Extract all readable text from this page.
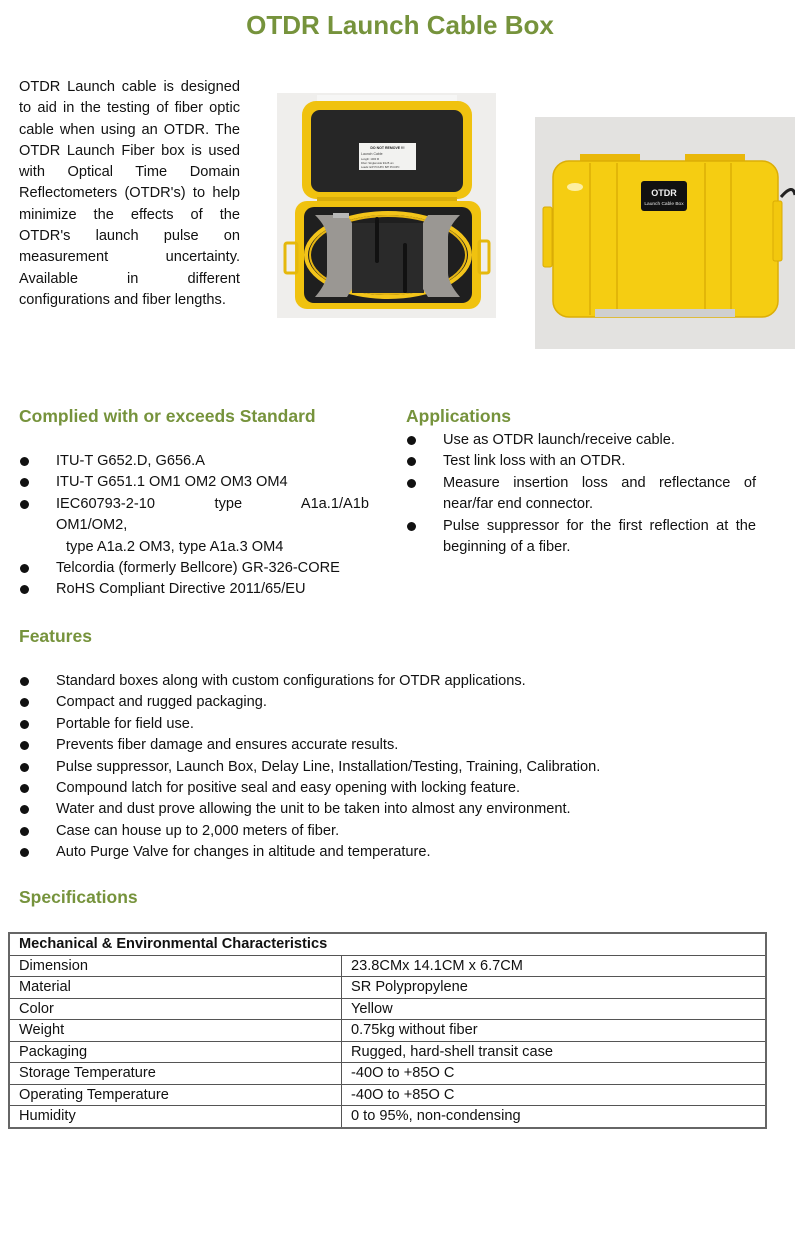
OTDR Launch Cable Box
OTDR Launch cable is designed to aid in the testing of fiber optic cable when using an OTDR. The OTDR Launch Fiber box is used with Optical Time Domain Reflectometers (OTDR's) to help minimize the effects of the OTDR's launch pulse on measurement uncertainty. Available in different configurations and fiber lengths.
DO NOT REMOVE !!!
Launch Cable
Length: 1000 M
Fiber: Singlemode 9/125 um
Leads: E/P PC/UPC B/P PC/UPC
OTDR
Launch Cable Box
Complied with or exceeds Standard
ITU-T G652.D, G656.A
ITU-T G651.1 OM1 OM2 OM3 OM4
IEC60793-2-10 type A1a.1/A1b
OM1/OM2,
type A1a.2 OM3, type A1a.3 OM4
Telcordia (formerly Bellcore) GR-326-CORE
RoHS Compliant Directive 2011/65/EU
Applications
Use as OTDR launch/receive cable.
Test link loss with an OTDR.
Measure insertion loss and reflectance of near/far end connector.
Pulse suppressor for the first reflection at the beginning of a fiber.
Features
Standard boxes along with custom configurations for OTDR applications.
Compact and rugged packaging.
Portable for field use.
Prevents fiber damage and ensures accurate results.
Pulse suppressor, Launch Box, Delay Line, Installation/Testing, Training, Calibration.
Compound latch for positive seal and easy opening with locking feature.
Water and dust prove allowing the unit to be taken into almost any environment.
Case can house up to 2,000 meters of fiber.
Auto Purge Valve for changes in altitude and temperature.
Specifications
Mechanical & Environmental Characteristics	
Dimension	23.8CMx 14.1CM x 6.7CM
Material	SR Polypropylene
Color	Yellow
Weight	0.75kg without fiber
Packaging	Rugged, hard-shell transit case
Storage Temperature	-40O to +85O C
Operating Temperature	-40O to +85O C
Humidity	0 to 95%, non-condensing
